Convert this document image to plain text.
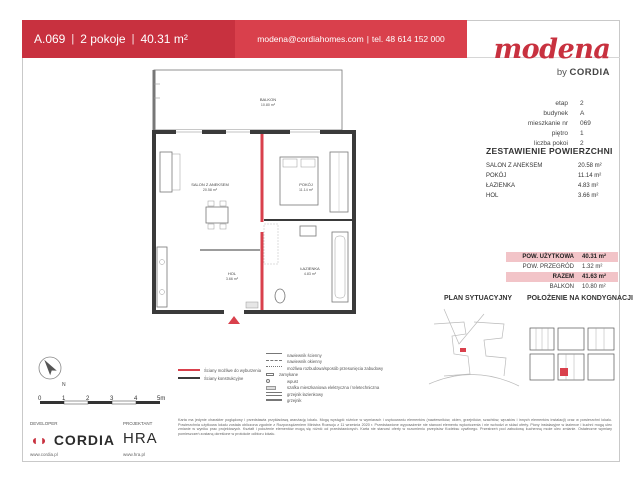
A.069 | 2 pokoje | 40.31 m²	modena@cordiahomes.com | tel. 48 614 152 000 modena
by CORDIA
etap	2
budynek	A
mieszkanie nr	069
piętro	1
liczba pokoi	2
ZESTAWIENIE POWIERZCHNI
SALON Z ANEKSEM	20.58 m²
POKÓJ	11.14 m²
ŁAZIENKA	4.83 m²
HOL	3.66 m²
POW. UŻYTKOWA	40.31 m²
POW. PRZEGRÓD	1.32 m²
RAZEM	41.63 m²
BALKON	10.80 m²
BALKON
10.80 m²
SALON Z ANEKSEM
20.58 m²
POKÓJ
11.14 m²
ŁAZIENKA
4.83 m²
HOL
3.66 m²
nawiewnik ścienny
nawiewnik okienny
możliwa rozbudowa/sposób przesunięcia zabudowy
zamykane
wpust
szafka mieszkaniowa elektryczna / teletechniczna
grzejnik łazienkowy
grzejnik
Ściany możliwe do wyburzenia
Ściany konstrukcyjne
N
0	1	2	3	4	5m
PLAN SYTUACYJNY POŁOŻENIE NA KONDYGNACJI
Karta ma jedynie charakter poglądowy i przedstawia przykładową aranżację lokalu. Mogą wystąpić różnice w wymiarach i usytuowaniu elementów (nawiewników, okien, grzejników, szachtów, wpustów i innych elementów instalacji) oraz w powierzchni lokalu. Powierzchnia użytkowa lokalu została obliczona zgodnie z Rozporządzeniem Ministra Rozwoju z 11 września 2020 r. Przedstawione wyposażenie nie stanowi elementu wykończenia i nie wchodzi w skład oferty. Piony instalacyjne w łazience i kuchni mogą ulec zmianie w wyniku prac projektowych. Kształt i położenie elementów mogą się różnić od przedstawionych. Karta nie stanowi oferty w rozumieniu przepisów Kodeksu cywilnego. Przestrzeń pod zabudowę kuchenną może ulec zmianie. Ostateczne wymiary pomieszczeń zostaną określone w protokole odbioru lokalu.
DEVELOPER
◖◗ CORDIA
www.cordia.pl
PROJEKTANT
HRA
www.hra.pl
